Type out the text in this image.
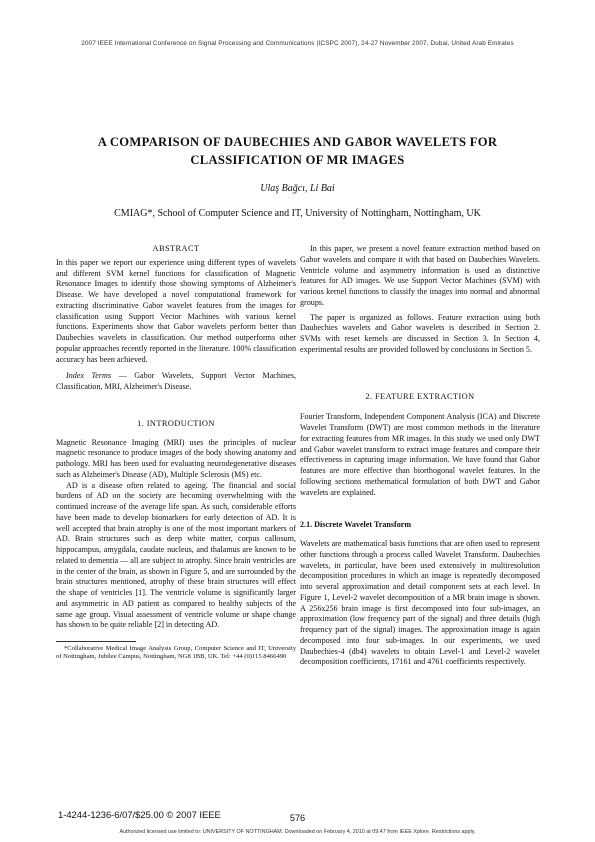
2007 IEEE International Conference on Signal Processing and Communications (ICSPC 2007), 24-27 November 2007, Dubai, United Arab Emirates
A COMPARISON OF DAUBECHIES AND GABOR WAVELETS FOR CLASSIFICATION OF MR IMAGES
Ulaş Bağcı, Li Bai
CMIAG*, School of Computer Science and IT, University of Nottingham, Nottingham, UK
ABSTRACT

In this paper we report our experience using different types of wavelets and different SVM kernel functions for classification of Magnetic Resonance Images to identify those showing symptoms of Alzheimer's Disease. We have developed a novel computational framework for extracting discriminative Gabor wavelet features from the images for classification using Support Vector Machines with various kernel functions. Experiments show that Gabor wavelets perform better than Daubechies wavelets in classification. Our method outperforms other popular approaches recently reported in the literature. 100% classification accuracy has been achieved.

Index Terms — Gabor Wavelets, Support Vector Machines, Classification, MRI, Alzheimer's Disease.

1. INTRODUCTION

Magnetic Resonance Imaging (MRI) uses the principles of nuclear magnetic resonance to produce images of the body showing anatomy and pathology. MRI has been used for evaluating neurodegenerative diseases such as Alzheimer's Disease (AD), Multiple Sclerosis (MS) etc.

AD is a disease often related to ageing. The financial and social burdens of AD on the society are becoming overwhelming with the continued increase of the average life span. As such, considerable efforts have been made to develop biomarkers for early detection of AD. It is well accepted that brain atrophy is one of the most important markers of AD. Brain structures such as deep white matter, corpus callosum, hippocampus, amygdala, caudate nucleus, and thalamus are known to be related to dementia — all are subject to atrophy. Since brain ventricles are in the center of the brain, as shown in Figure 5, and are surrounded by the brain structures mentioned, atrophy of these brain structures will effect the shape of ventricles [1]. The ventricle volume is significantly larger and asymmetric in AD patient as compared to healthy subjects of the same age group. Visual assessment of ventricle volume or shape change has shown to be quite reliable [2] in detecting AD.

*Collaborative Medical Image Analysis Group, Computer Science and IT, University of Nottingham, Jubilee Campus, Nottingham, NG8 1BB, UK. Tel: +44 (0)115 8466490

In this paper, we present a novel feature extraction method based on Gabor wavelets and compare it with that based on Daubechies Wavelets. Ventricle volume and asymmetry information is used as distinctive features for AD images. We use Support Vector Machines (SVM) with various kernel functions to classify the images into normal and abnormal groups.

The paper is organized as follows. Feature extraction using both Daubechies wavelets and Gabor wavelets is described in Section 2. SVMs with reset kernels are discussed in Section 3. In Section 4, experimental results are provided followed by conclusions in Section 5.

2. FEATURE EXTRACTION

Fourier Transform, Independent Component Analysis (ICA) and Discrete Wavelet Transform (DWT) are most common methods in the literature for extracting features from MR images. In this study we used only DWT and Gabor wavelet transform to extract image features and compare their effectiveness in capturing image information. We have found that Gabor features are more effective than biorthogonal wavelet features. In the following sections methematical formulation of both DWT and Gabor wavelets are explained.

2.1. Discrete Wavelet Transform

Wavelets are mathematical basis functions that are often used to represent other functions through a process called Wavelet Transform. Daubechies wavelets, in particular, have been used extensively in multiresolution decomposition procedures in which an image is repeatedly decomposed into several approximation and detail component sets at each level. In Figure 1, Level-2 wavelet decomposition of a MR brain image is shown. A 256x256 brain image is first decomposed into four sub-images, an approximation (low frequency part of the signal) and three details (high frequency part of the signal) images. The approximation image is again decomposed into four sub-images. In our experiments, we used Daubechies-4 (db4) wavelets to obtain Level-1 and Level-2 wavelet decomposition coefficients, 17161 and 4761 coefficients respectively.

1-4244-1236-6/07/$25.00 © 2007 IEEE	576
Authorized licensed use limited to: UNIVERSITY OF NOTTINGHAM. Downloaded on February 4, 2010 at 09:47 from IEEE Xplore. Restrictions apply.
